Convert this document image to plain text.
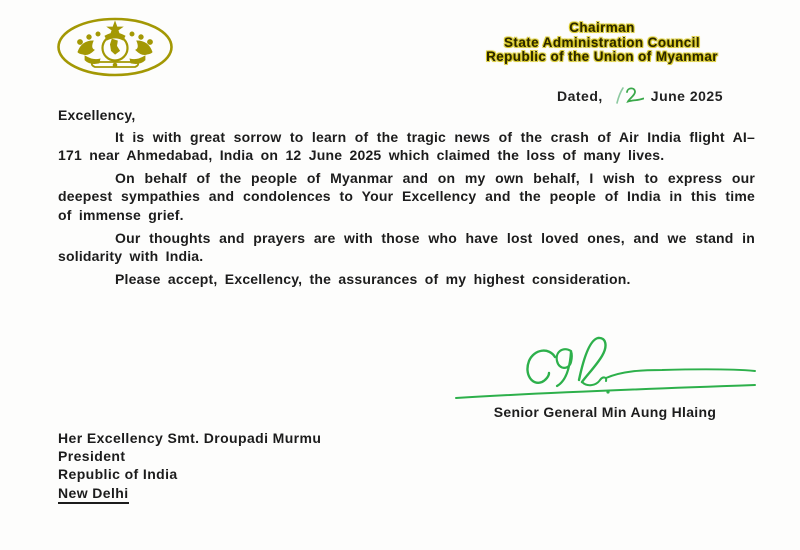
Chairman
State Administration Council
Republic of the Union of Myanmar
Dated,	June 2025

Excellency,

It is with great sorrow to learn of the tragic news of the crash of Air India flight AI–171 near Ahmedabad, India on 12 June 2025 which claimed the loss of many lives.

On behalf of the people of Myanmar and on my own behalf, I wish to express our deepest sympathies and condolences to Your Excellency and the people of India in this time of immense grief.

Our thoughts and prayers are with those who have lost loved ones, and we stand in solidarity with India.

Please accept, Excellency, the assurances of my highest consideration.

Senior General Min Aung Hlaing
Her Excellency Smt. Droupadi Murmu
President
Republic of India
New Delhi
